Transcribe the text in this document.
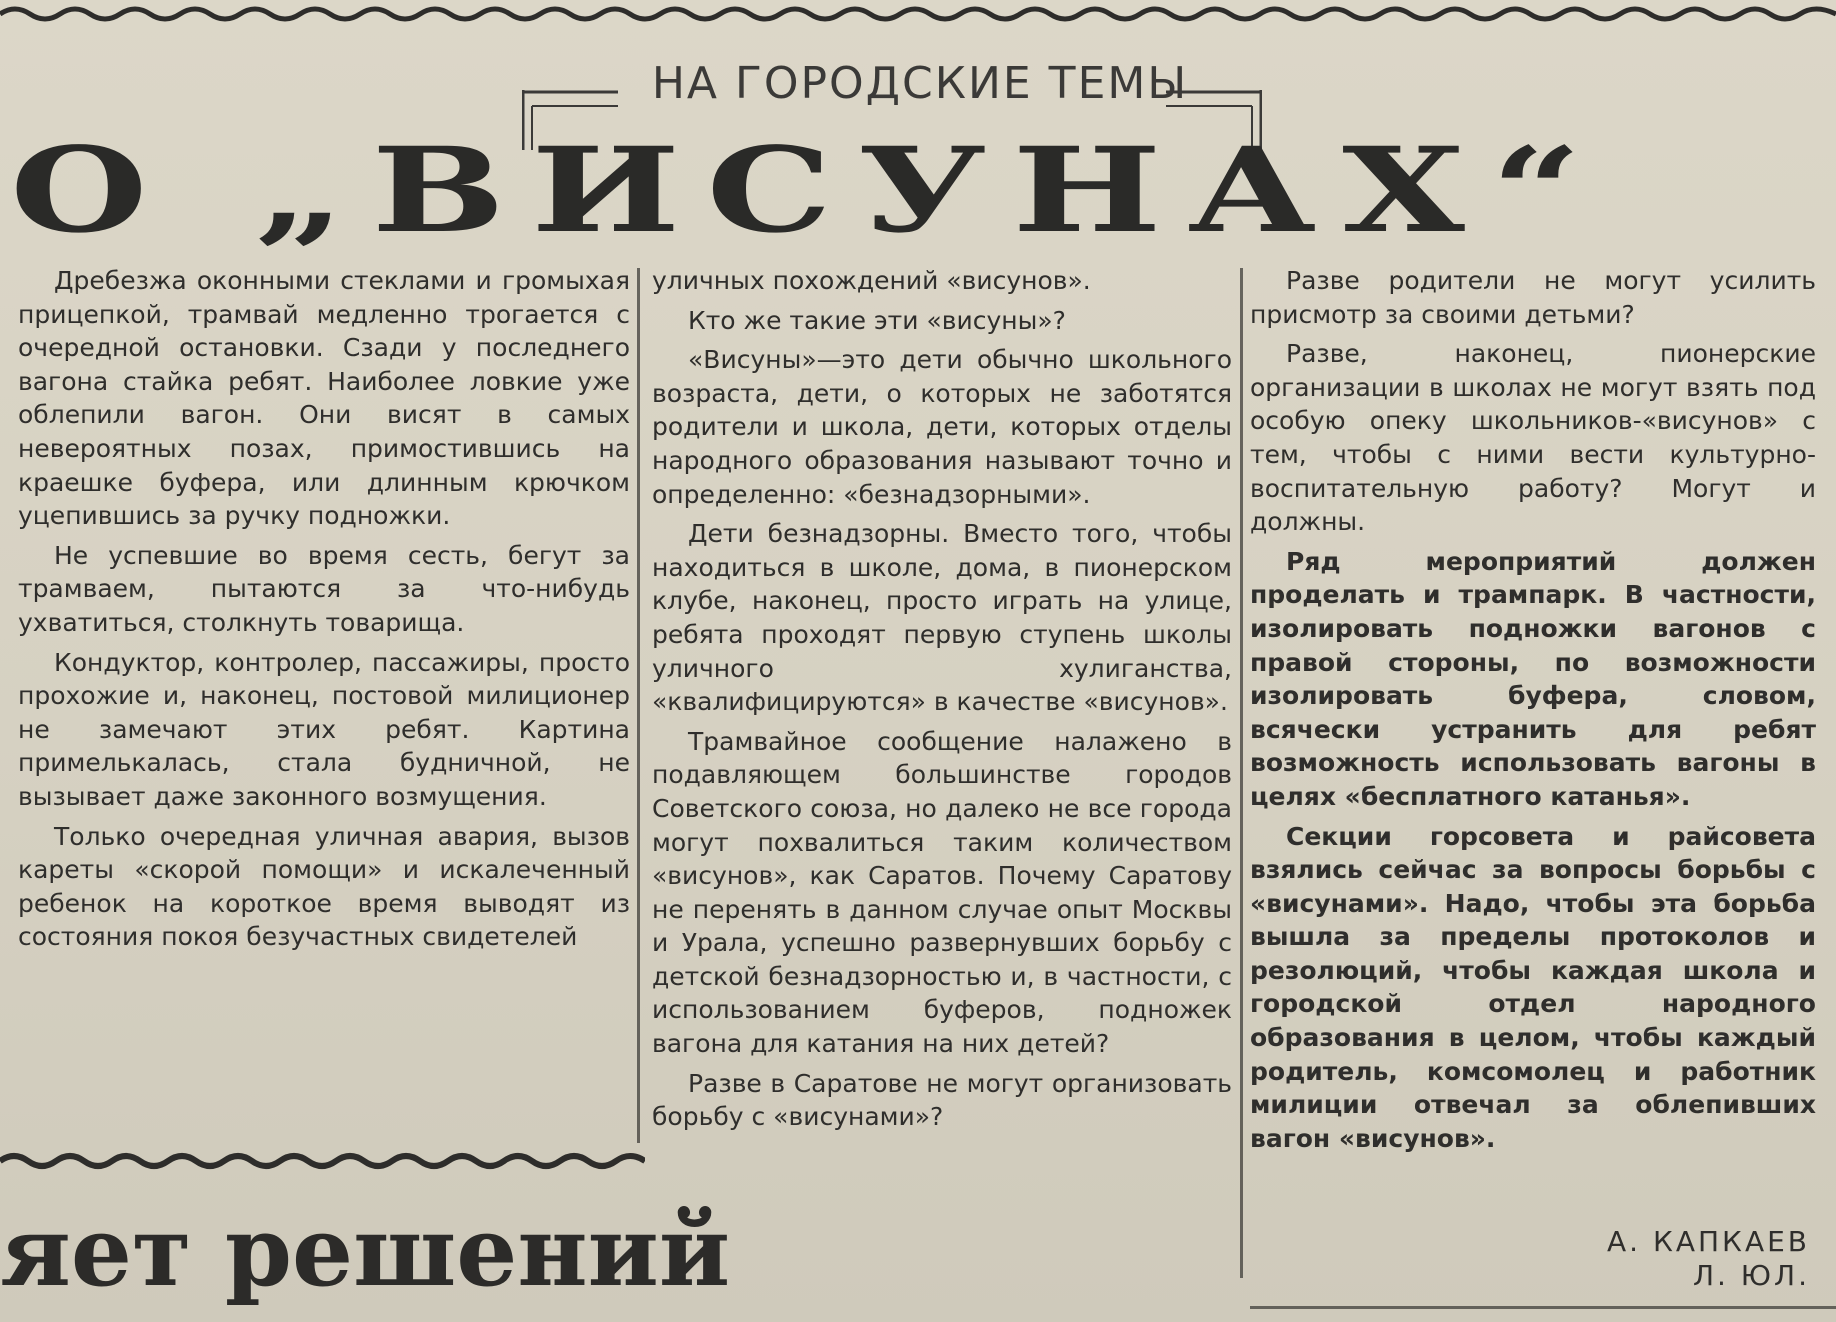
НА ГОРОДСКИЕ ТЕМЫ
О „ВИСУНАХ“

Дребезжа оконными стеклами и громыхая прицепкой, трамвай медленно трогается с очередной остановки. Сзади у последнего вагона стайка ребят. Наиболее ловкие уже облепили вагон. Они висят в самых невероятных позах, примостившись на краешке буфера, или длинным крючком уцепившись за ручку подножки.

Не успевшие во время сесть, бегут за трамваем, пытаются за что-нибудь ухватиться, столкнуть товарища.

Кондуктор, контролер, пассажиры, просто прохожие и, наконец, постовой милиционер не замечают этих ребят. Картина примелькалась, стала будничной, не вызывает даже законного возмущения.

Только очередная уличная авария, вызов кареты «скорой помощи» и искалеченный ребенок на короткое время выводят из состояния покоя безучастных свидетелей

уличных похождений «висунов».

Кто же такие эти «висуны»?

«Висуны»—это дети обычно школьного возраста, дети, о которых не заботятся родители и школа, дети, которых отделы народного образования называют точно и определенно: «безнадзорными».

Дети безнадзорны. Вместо того, чтобы находиться в школе, дома, в пионерском клубе, наконец, просто играть на улице, ребята проходят первую ступень школы уличного хулиганства, «квалифицируются» в качестве «висунов».

Трамвайное сообщение налажено в подавляющем большинстве городов Советского союза, но далеко не все города могут похвалиться таким количеством «висунов», как Саратов. Почему Саратову не перенять в данном случае опыт Москвы и Урала, успешно развернувших борьбу с детской безнадзорностью и, в частности, с использованием буферов, подножек вагона для катания на них детей?

Разве в Саратове не могут организовать борьбу с «висунами»?

Разве родители не могут усилить присмотр за своими детьми?

Разве, наконец, пионерские организации в школах не могут взять под особую опеку школьников-«висунов» с тем, чтобы с ними вести культурно-воспитательную работу? Могут и должны.

Ряд мероприятий должен проделать и трампарк. В частности, изолировать подножки вагонов с правой стороны, по возможности изолировать буфера, словом, всячески устранить для ребят возможность использовать вагоны в целях «бесплатного катанья».

Секции горсовета и райсовета взялись сейчас за вопросы борьбы с «висунами». Надо, чтобы эта борьба вышла за пределы протоколов и резолюций, чтобы каждая школа и городской отдел народного образования в целом, чтобы каждый родитель, комсомолец и работник милиции отвечал за облепивших вагон «висунов».

А. КАПКАЕВ
Л. ЮЛ.
яет решений
